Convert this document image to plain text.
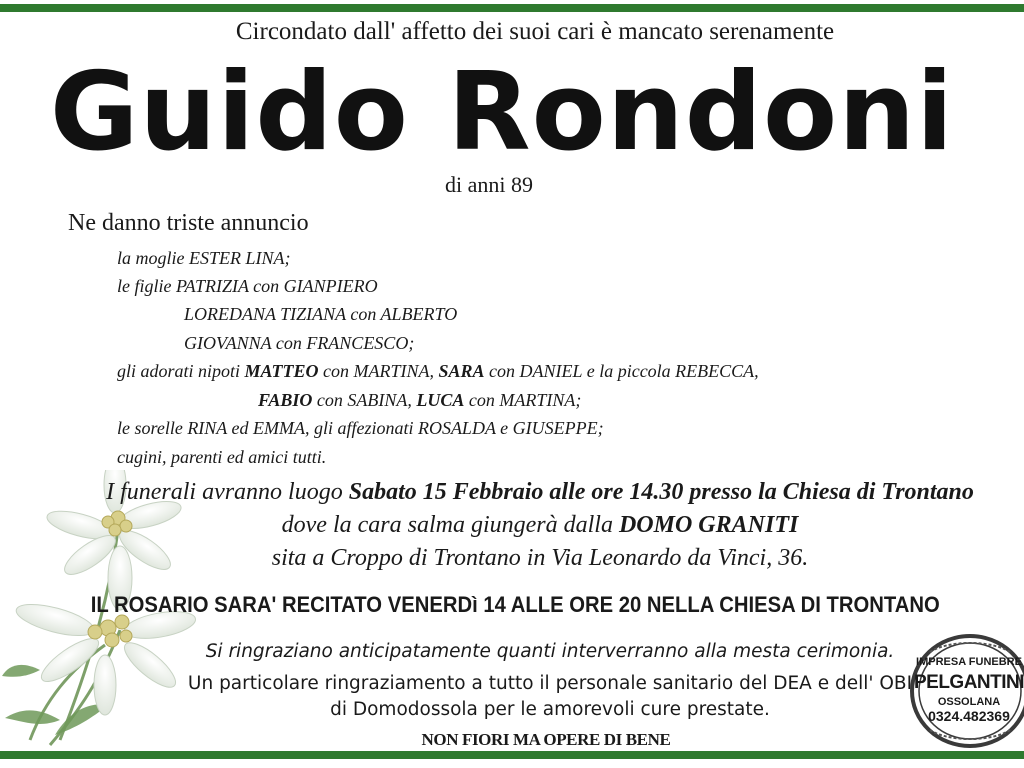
Circondato dall' affetto dei suoi cari è mancato serenamente
Guido Rondoni
di anni 89
Ne danno triste annuncio
la moglie ESTER LINA;
le figlie PATRIZIA con GIANPIERO
LOREDANA TIZIANA con ALBERTO
GIOVANNA con FRANCESCO;
gli adorati nipoti MATTEO con MARTINA, SARA con DANIEL e la piccola REBECCA,
FABIO con SABINA, LUCA con MARTINA;
le sorelle RINA ed EMMA, gli affezionati ROSALDA e GIUSEPPE;
cugini, parenti ed amici tutti.
I funerali avranno luogo Sabato 15 Febbraio alle ore 14.30 presso la Chiesa di Trontano
dove la cara salma giungerà dalla DOMO GRANITI
sita a Croppo di Trontano in Via Leonardo da Vinci, 36.
IL ROSARIO SARA' RECITATO VENERDì 14 ALLE ORE 20 NELLA CHIESA DI TRONTANO
Si ringraziano anticipatamente quanti interverranno alla mesta cerimonia.
Un particolare ringraziamento a tutto il personale sanitario del DEA e dell' OBI
di Domodossola per le amorevoli cure prestate.
NON FIORI MA OPERE DI BENE
IMPRESA FUNEBRE
PELGANTINI
OSSOLANA
0324.482369
